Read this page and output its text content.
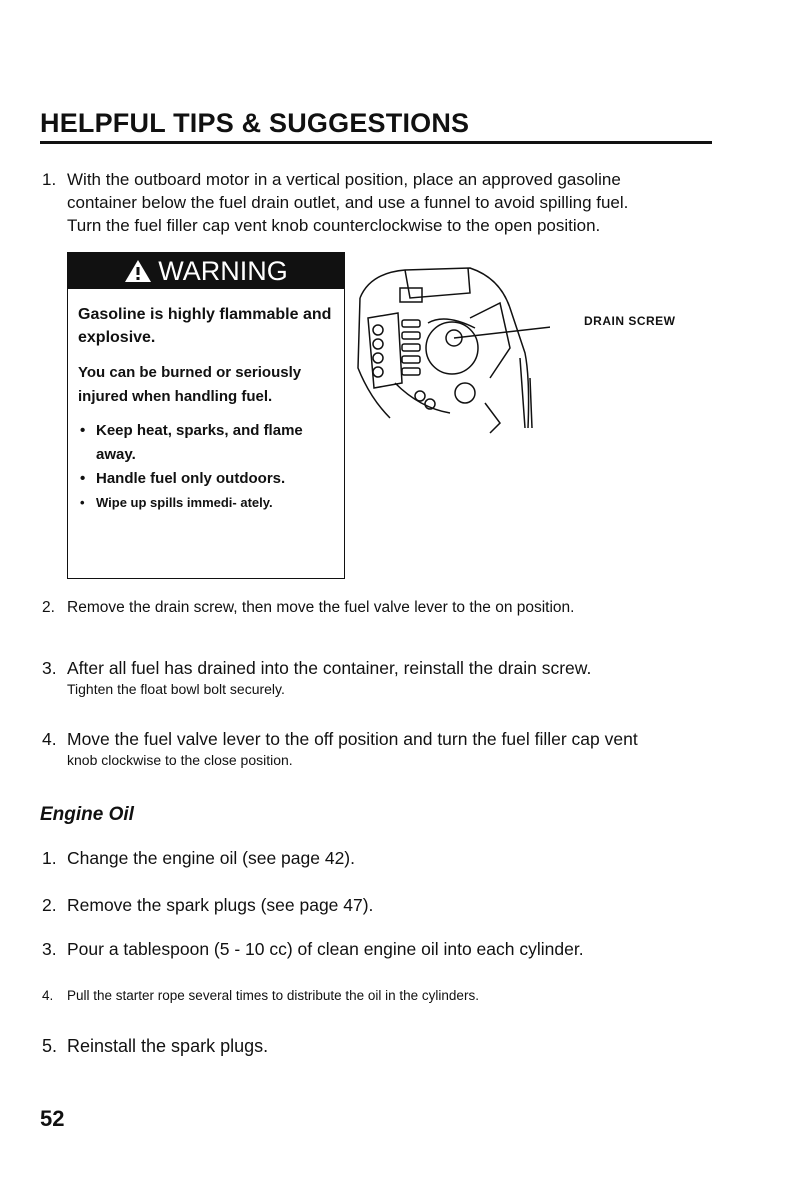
HELPFUL TIPS & SUGGESTIONS
1. With the outboard motor in a vertical position, place an approved gasoline
container below the fuel drain outlet, and use a funnel to avoid spilling fuel.
Turn the fuel filler cap vent knob counterclockwise to the open position.
WARNING

Gasoline is highly flammable and explosive.

You can be burned or seriously injured when handling fuel.

• Keep heat, sparks, and flame away.
• Handle fuel only outdoors.
• Wipe up spills immedi- ately.
DRAIN SCREW
2. Remove the drain screw, then move the fuel valve lever to the on position.

3. After all fuel has drained into the container, reinstall the drain screw.

Tighten the float bowl bolt securely.

4. Move the fuel valve lever to the off position and turn the fuel filler cap vent

knob clockwise to the close position.

Engine Oil
1. Change the engine oil (see page 42).

2. Remove the spark plugs (see page 47).

3. Pour a tablespoon (5 - 10 cc) of clean engine oil into each cylinder.

4. Pull the starter rope several times to distribute the oil in the cylinders.

5. Reinstall the spark plugs.

52
